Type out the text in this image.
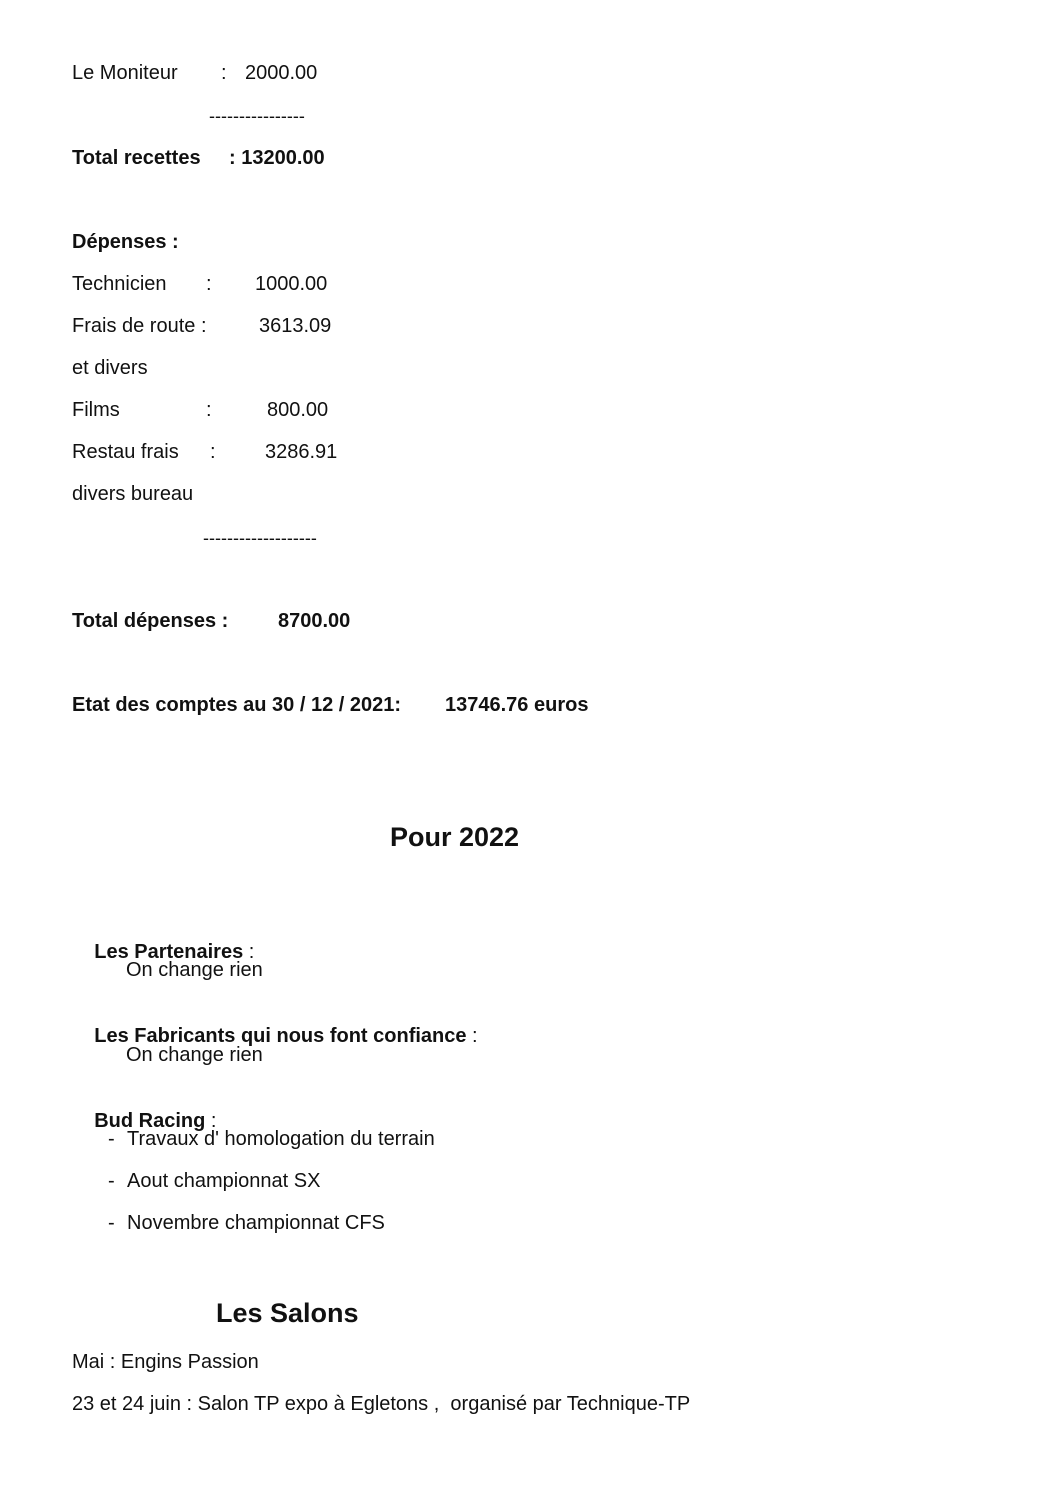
Le Moniteur : 2000.00
----------------
Total recettes : 13200.00
Dépenses :
Technicien : 1000.00
Frais de route :	3613.09
et divers
Films	:	800.00
Restau frais : 3286.91
divers bureau
-------------------
Total dépenses : 8700.00
Etat des comptes au 30 / 12 / 2021: 13746.76 euros
Pour 2022

Les Partenaires :

On change rien

Les Fabricants qui nous font confiance :

On change rien

Bud Racing :

- Travaux d' homologation du terrain
- Aout championnat SX
- Novembre championnat CFS
Les Salons
Mai : Engins Passion
23 et 24 juin : Salon TP expo à Egletons ,  organisé par Technique-TP
